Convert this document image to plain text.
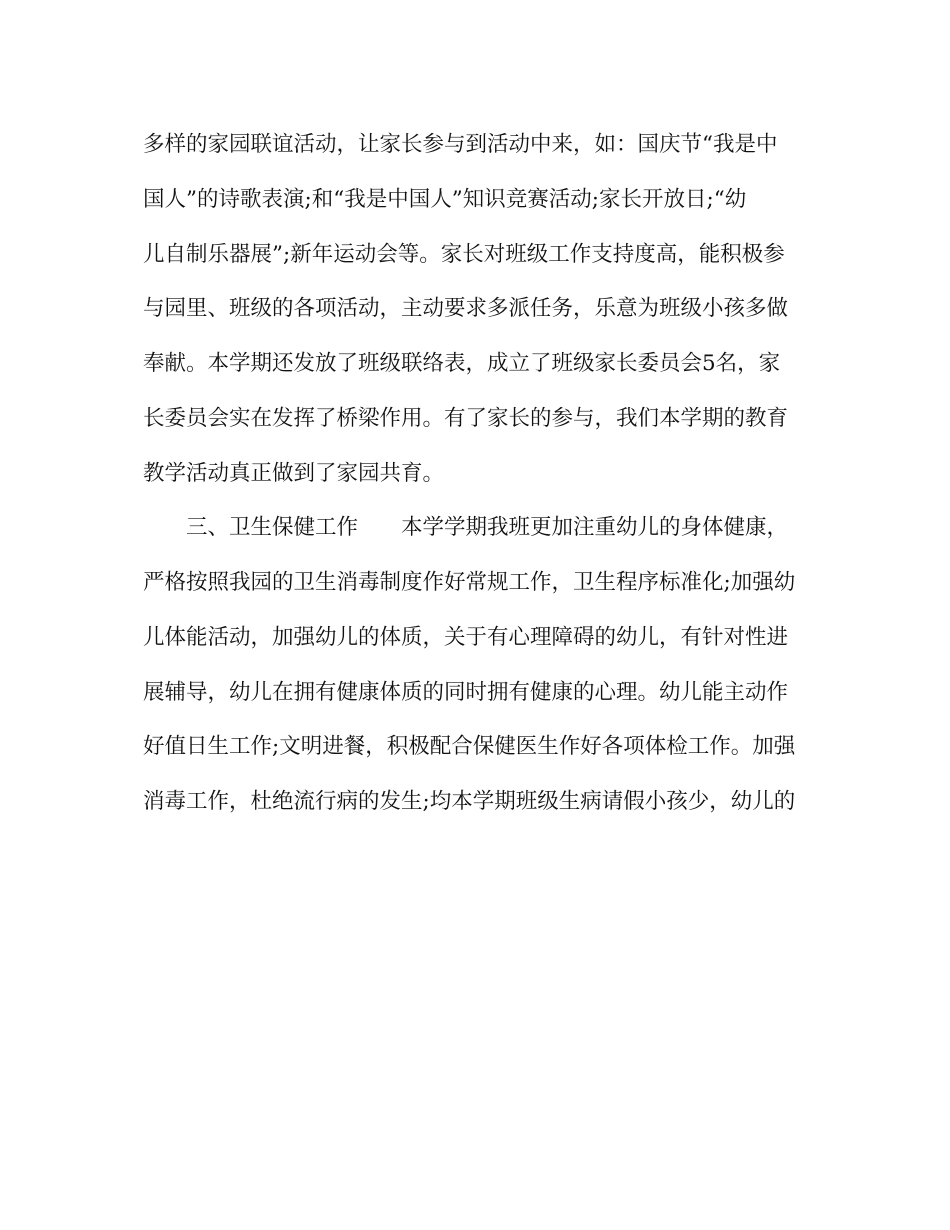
多样的家园联谊活动，让家长参与到活动中来，如：国庆节“我是中
国人”的诗歌表演;和“我是中国人”知识竞赛活动;家长开放日;“幼
儿自制乐器展”;新年运动会等。家长对班级工作支持度高，能积极参
与园里、班级的各项活动，主动要求多派任务，乐意为班级小孩多做
奉献。本学期还发放了班级联络表，成立了班级家长委员会5名，家
长委员会实在发挥了桥梁作用。有了家长的参与，我们本学期的教育
教学活动真正做到了家园共育。
　　三、卫生保健工作　　本学学期我班更加注重幼儿的身体健康，
严格按照我园的卫生消毒制度作好常规工作，卫生程序标准化;加强幼
儿体能活动，加强幼儿的体质，关于有心理障碍的幼儿，有针对性进
展辅导，幼儿在拥有健康体质的同时拥有健康的心理。幼儿能主动作
好值日生工作;文明进餐，积极配合保健医生作好各项体检工作。加强
消毒工作，杜绝流行病的发生;均本学期班级生病请假小孩少，幼儿的
